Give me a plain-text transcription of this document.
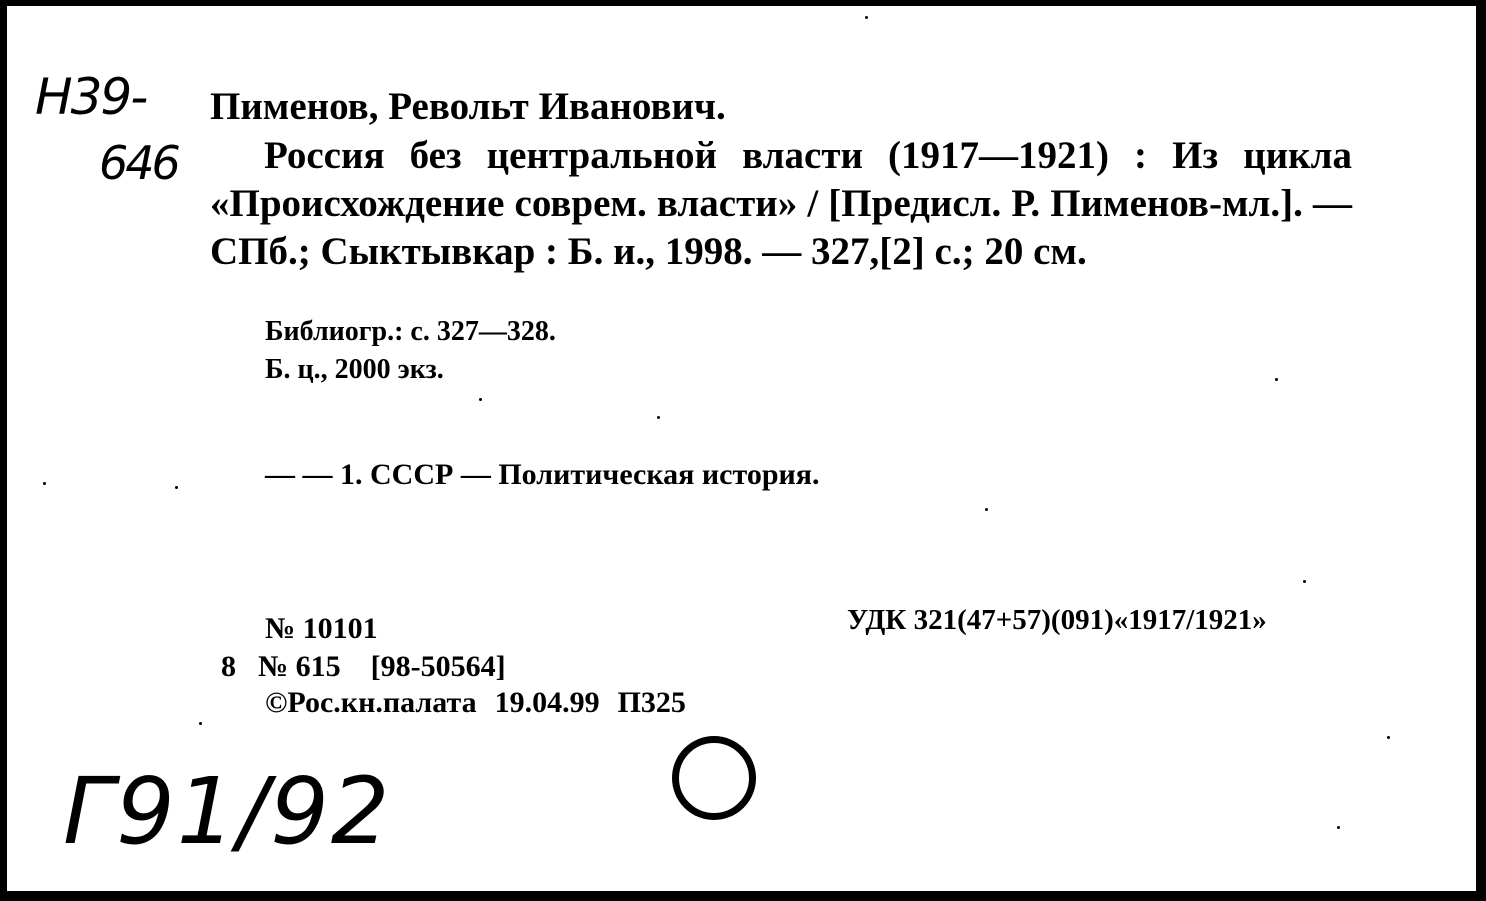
Н39-
646
Пименов, Револьт Иванович.
Россия без центральной власти (1917—1921) : Из цикла «Происхождение соврем. власти» / [Предисл. Р. Пименов-мл.]. — СПб.; Сыктывкар : Б. и., 1998. — 327,[2] с.; 20 см.
Библиогр.: с. 327—328.
Б. ц., 2000 экз.
— — 1. СССР — Политическая история.
№ 10101	УДК 321(47+57)(091)«1917/1921»
8 № 615 [98-50564]
©Рос.кн.палата 19.04.99 П325
Г91/92
